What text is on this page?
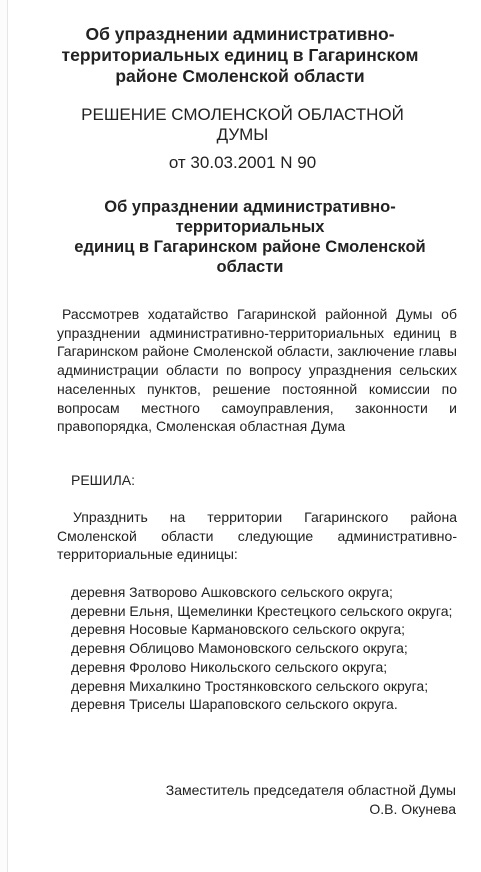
Об упразднении административно-территориальных единиц в Гагаринском районе Смоленской области

РЕШЕНИЕ СМОЛЕНСКОЙ ОБЛАСТНОЙ ДУМЫ

от 30.03.2001 N 90

Об упразднении административно-
территориальных
единиц в Гагаринском районе Смоленской
области

Рассмотрев ходатайство Гагаринской районной Думы об упразднении административно-территориальных единиц в Гагаринском районе Смоленской области, заключение главы администрации области по вопросу упразднения сельских населенных пунктов, решение постоянной комиссии по вопросам местного самоуправления, законности и правопорядка, Смоленская областная Дума

РЕШИЛА:

Упразднить на территории Гагаринского района Смоленской области следующие административно-территориальные единицы:

деревня Затворово Ашковского сельского округа;
деревни Ельня, Щемелинки Крестецкого сельского округа;
деревня Носовые Кармановского сельского округа;
деревня Облицово Мамоновского сельского округа;
деревня Фролово Никольского сельского округа;
деревня Михалкино Тростянковского сельского округа;
деревня Триселы Шараповского сельского округа.

Заместитель председателя областной Думы
О.В. Окунева
